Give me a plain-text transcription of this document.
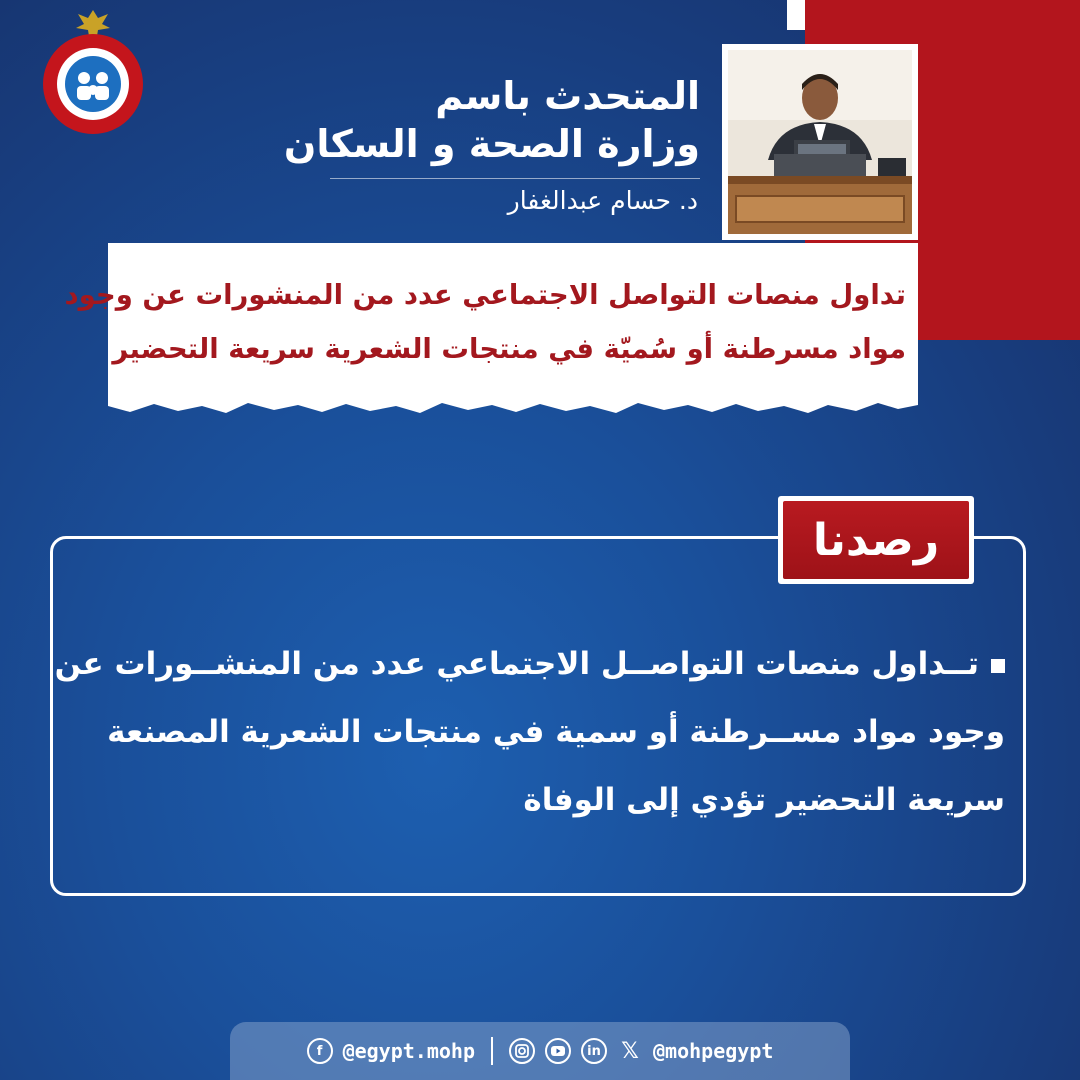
المتحدث باسم
وزارة الصحة و السكان
د. حسام عبدالغفار
تداول منصات التواصل الاجتماعي عدد من المنشورات عن وجود
مواد مسرطنة أو سُميّة في منتجات الشعرية سريعة التحضير
رصدنا
تــداول منصات التواصــل الاجتماعي عدد من المنشــورات عن
وجود مواد مســرطنة أو سمية في منتجات الشعرية المصنعة
سريعة التحضير تؤدي إلى الوفاة
f	@egypt.mohp	in 𝕏 @mohpegypt
